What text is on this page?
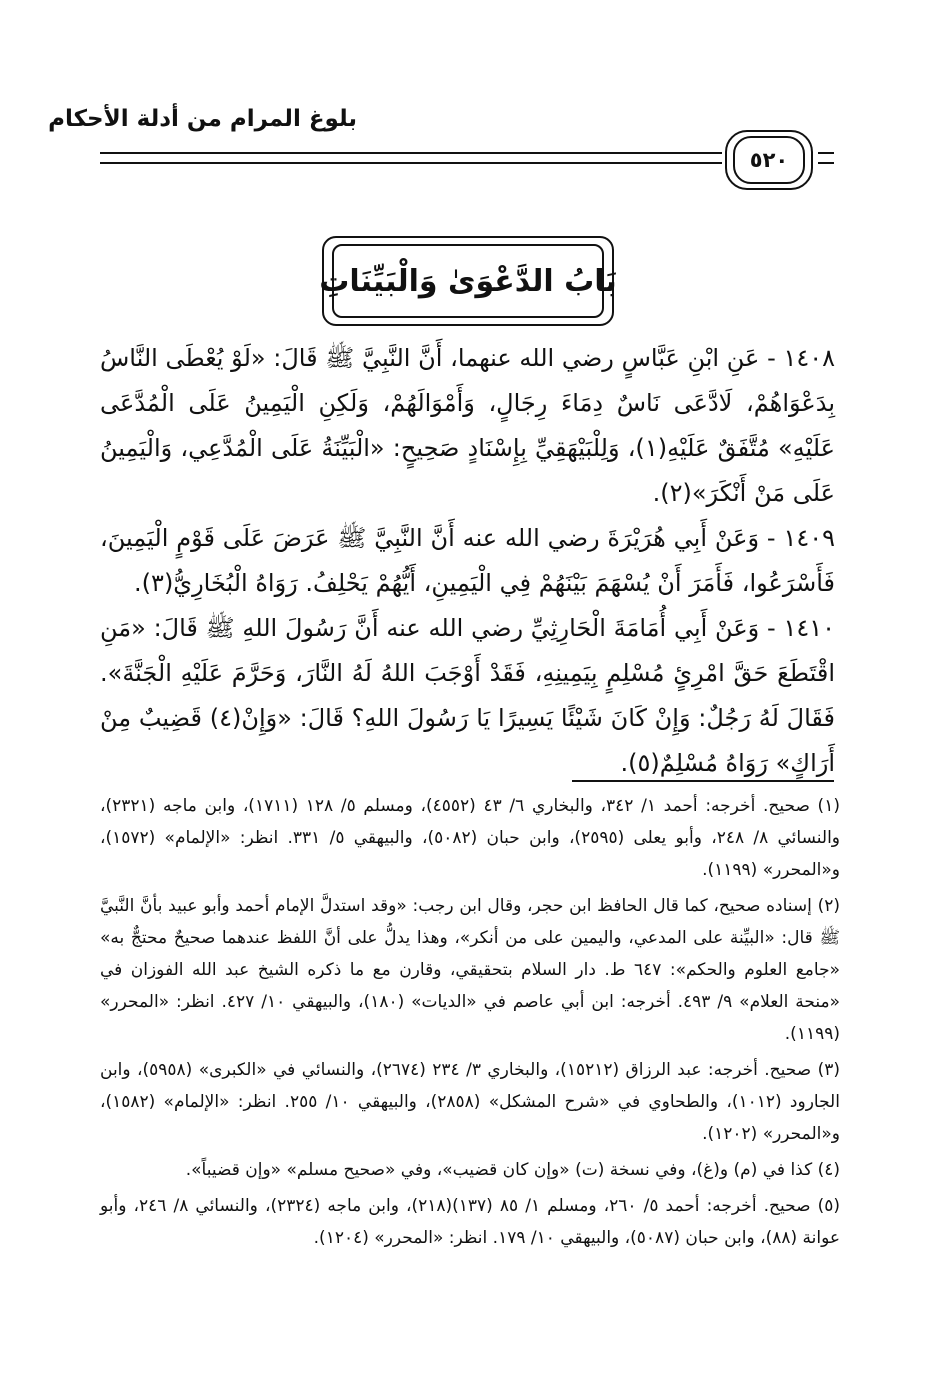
بلوغ المرام من أدلة الأحكام
٥٢٠
بَابُ الدَّعْوَىٰ وَالْبَيِّنَاتِ

١٤٠٨ - عَنِ ابْنِ عَبَّاسٍ رضي الله عنهما، أَنَّ النَّبِيَّ ﷺ قَالَ: «لَوْ يُعْطَى النَّاسُ بِدَعْوَاهُمْ، لَادَّعَى نَاسٌ دِمَاءَ رِجَالٍ، وَأَمْوَالَهُمْ، وَلَكِنِ الْيَمِينُ عَلَى الْمُدَّعَى عَلَيْهِ» مُتَّفَقٌ عَلَيْهِ(١)، وَلِلْبَيْهَقِيِّ بِإِسْنَادٍ صَحِيحٍ: «الْبَيِّنَةُ عَلَى الْمُدَّعِي، وَالْيَمِينُ عَلَى مَنْ أَنْكَرَ»(٢).

١٤٠٩ - وَعَنْ أَبِي هُرَيْرَةَ رضي الله عنه أَنَّ النَّبِيَّ ﷺ عَرَضَ عَلَى قَوْمٍ الْيَمِينَ، فَأَسْرَعُوا، فَأَمَرَ أَنْ يُسْهَمَ بَيْنَهُمْ فِي الْيَمِينِ، أَيُّهُمْ يَحْلِفُ. رَوَاهُ الْبُخَارِيُّ(٣).

١٤١٠ - وَعَنْ أَبِي أُمَامَةَ الْحَارِثِيِّ رضي الله عنه أَنَّ رَسُولَ اللهِ ﷺ قَالَ: «مَنِ اقْتَطَعَ حَقَّ امْرِئٍ مُسْلِمٍ بِيَمِينِهِ، فَقَدْ أَوْجَبَ اللهُ لَهُ النَّارَ، وَحَرَّمَ عَلَيْهِ الْجَنَّةَ». فَقَالَ لَهُ رَجُلٌ: وَإِنْ كَانَ شَيْئًا يَسِيرًا يَا رَسُولَ اللهِ؟ قَالَ: «وَإِنْ(٤) قَضِيبٌ مِنْ أَرَاكٍ» رَوَاهُ مُسْلِمٌ(٥).

(١) صحيح. أخرجه: أحمد ١/ ٣٤٢، والبخاري ٦/ ٤٣ (٤٥٥٢)، ومسلم ٥/ ١٢٨ (١٧١١)، وابن ماجه (٢٣٢١)، والنسائي ٨/ ٢٤٨، وأبو يعلى (٢٥٩٥)، وابن حبان (٥٠٨٢)، والبيهقي ٥/ ٣٣١. انظر: «الإلمام» (١٥٧٢)، و«المحرر» (١١٩٩).

(٢) إسناده صحيح، كما قال الحافظ ابن حجر، وقال ابن رجب: «وقد استدلَّ الإمام أحمد وأبو عبيد بأنَّ النَّبيَّ ﷺ قال: «البيِّنة على المدعي، واليمين على من أنكر»، وهذا يدلُّ على أنَّ اللفظ عندهما صحيحٌ محتجٌّ به» «جامع العلوم والحكم»: ٦٤٧ ط. دار السلام بتحقيقي، وقارن مع ما ذكره الشيخ عبد الله الفوزان في «منحة العلام» ٩/ ٤٩٣. أخرجه: ابن أبي عاصم في «الديات» (١٨٠)، والبيهقي ١٠/ ٤٢٧. انظر: «المحرر» (١١٩٩).

(٣) صحيح. أخرجه: عبد الرزاق (١٥٢١٢)، والبخاري ٣/ ٢٣٤ (٢٦٧٤)، والنسائي في «الكبرى» (٥٩٥٨)، وابن الجارود (١٠١٢)، والطحاوي في «شرح المشكل» (٢٨٥٨)، والبيهقي ١٠/ ٢٥٥. انظر: «الإلمام» (١٥٨٢)، و«المحرر» (١٢٠٢).

(٤) كذا في (م) و(غ)، وفي نسخة (ت) «وإن كان قضيب»، وفي «صحيح مسلم» «وإن قضيباً».

(٥) صحيح. أخرجه: أحمد ٥/ ٢٦٠، ومسلم ١/ ٨٥ (١٣٧)(٢١٨)، وابن ماجه (٢٣٢٤)، والنسائي ٨/ ٢٤٦، وأبو عوانة (٨٨)، وابن حبان (٥٠٨٧)، والبيهقي ١٠/ ١٧٩. انظر: «المحرر» (١٢٠٤).
